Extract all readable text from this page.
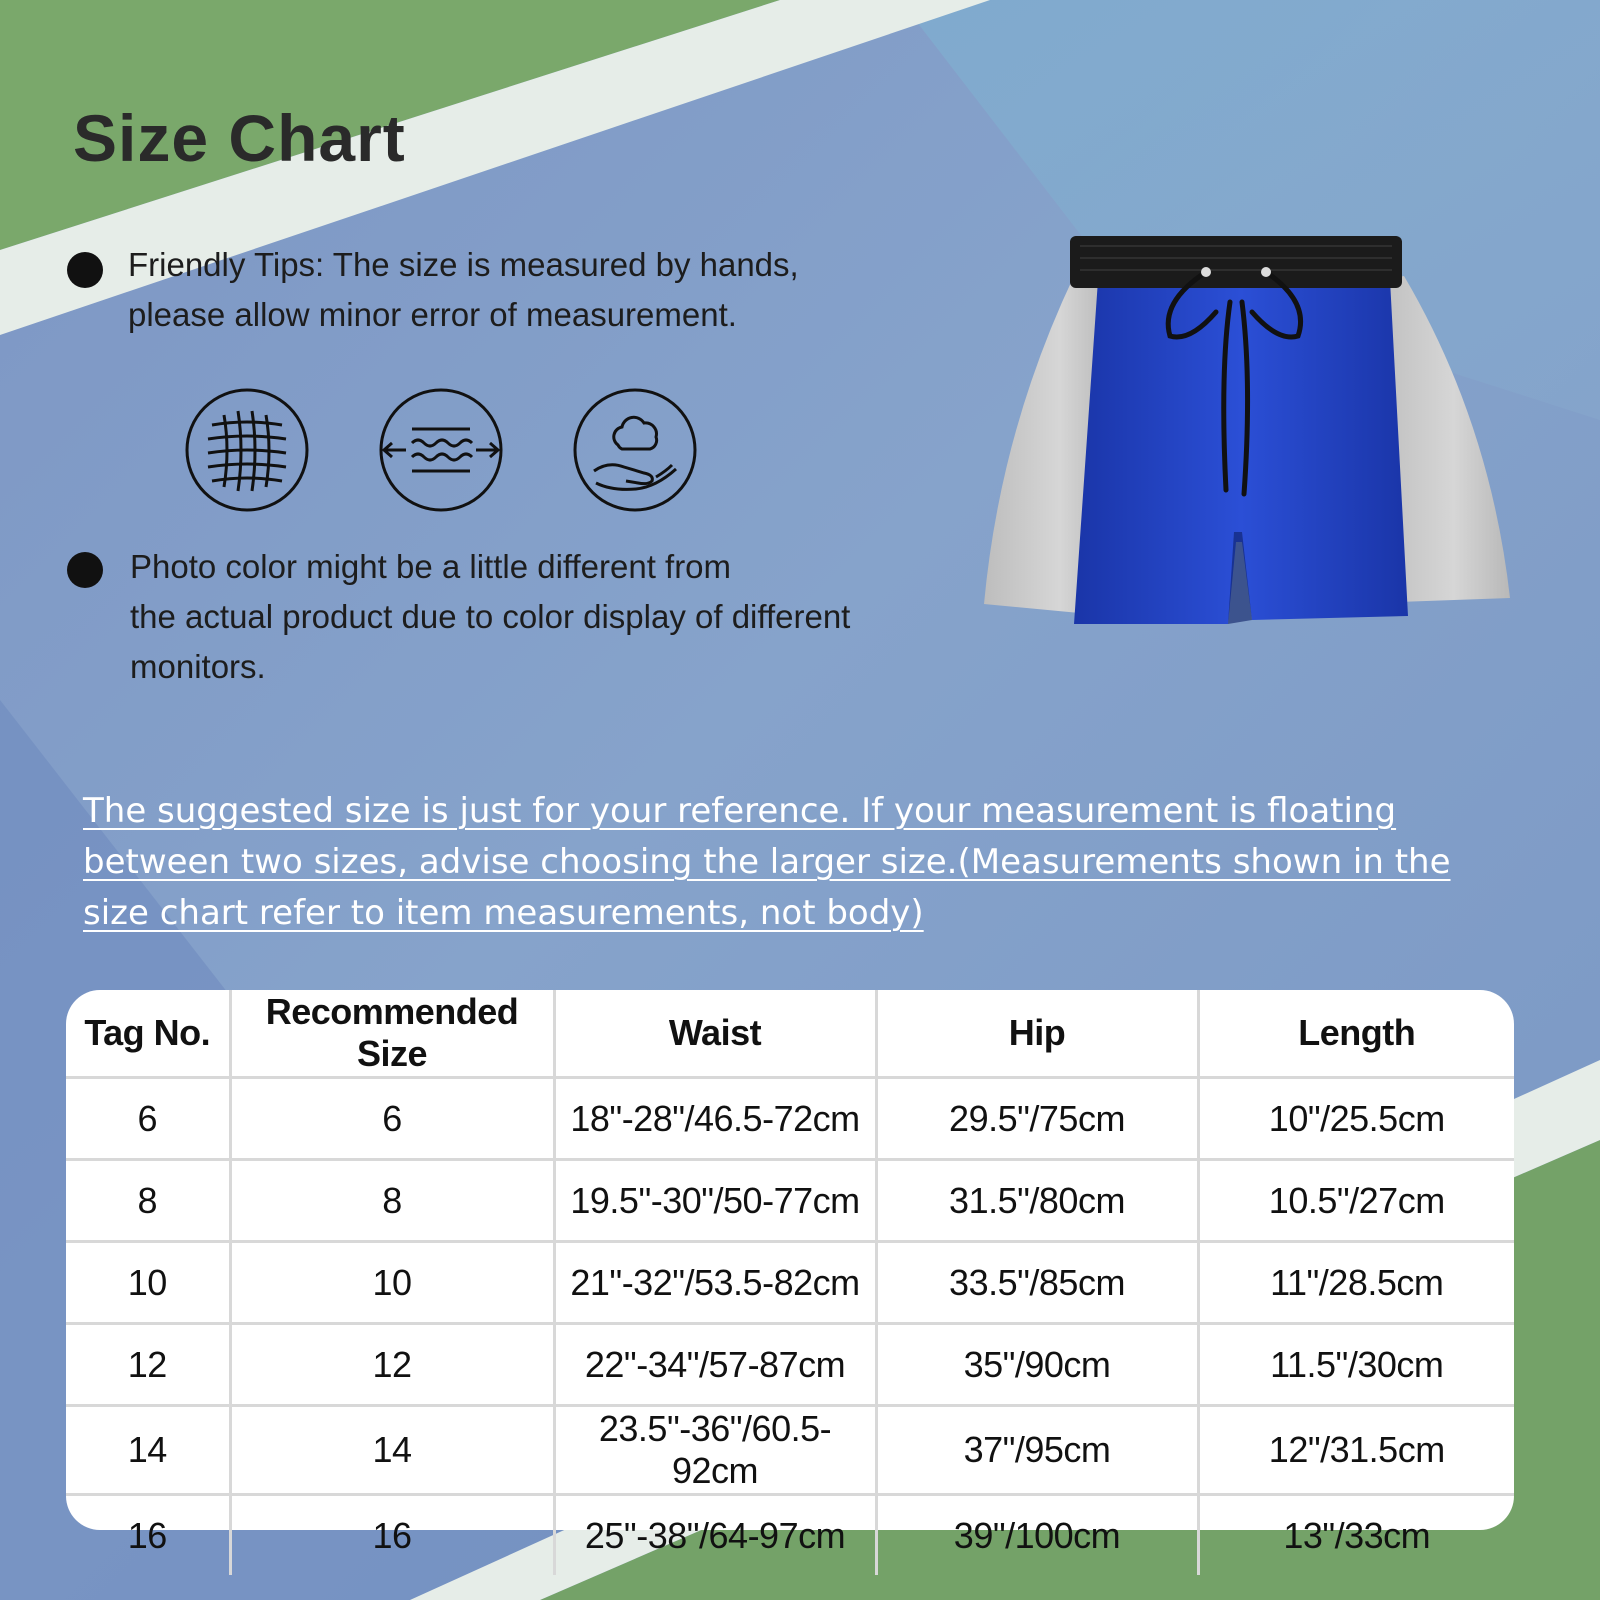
Size Chart
Friendly Tips: The size is measured by hands,
please allow minor error of measurement.
Photo color might be a little different from
the actual product due to color display of different
monitors.
The suggested size is just for your reference. If your measurement is floating between two sizes, advise choosing the larger size.(Measurements shown in the size chart refer to item measurements, not body)
Tag No.	Recommended Size	Waist	Hip	Length
6	6	18"-28"/46.5-72cm	29.5"/75cm	10"/25.5cm
8	8	19.5"-30"/50-77cm	31.5"/80cm	10.5"/27cm
10	10	21"-32"/53.5-82cm	33.5"/85cm	11"/28.5cm
12	12	22"-34"/57-87cm	35"/90cm	11.5"/30cm
14	14	23.5"-36"/60.5-92cm	37"/95cm	12"/31.5cm
16	16	25"-38"/64-97cm	39"/100cm	13"/33cm
